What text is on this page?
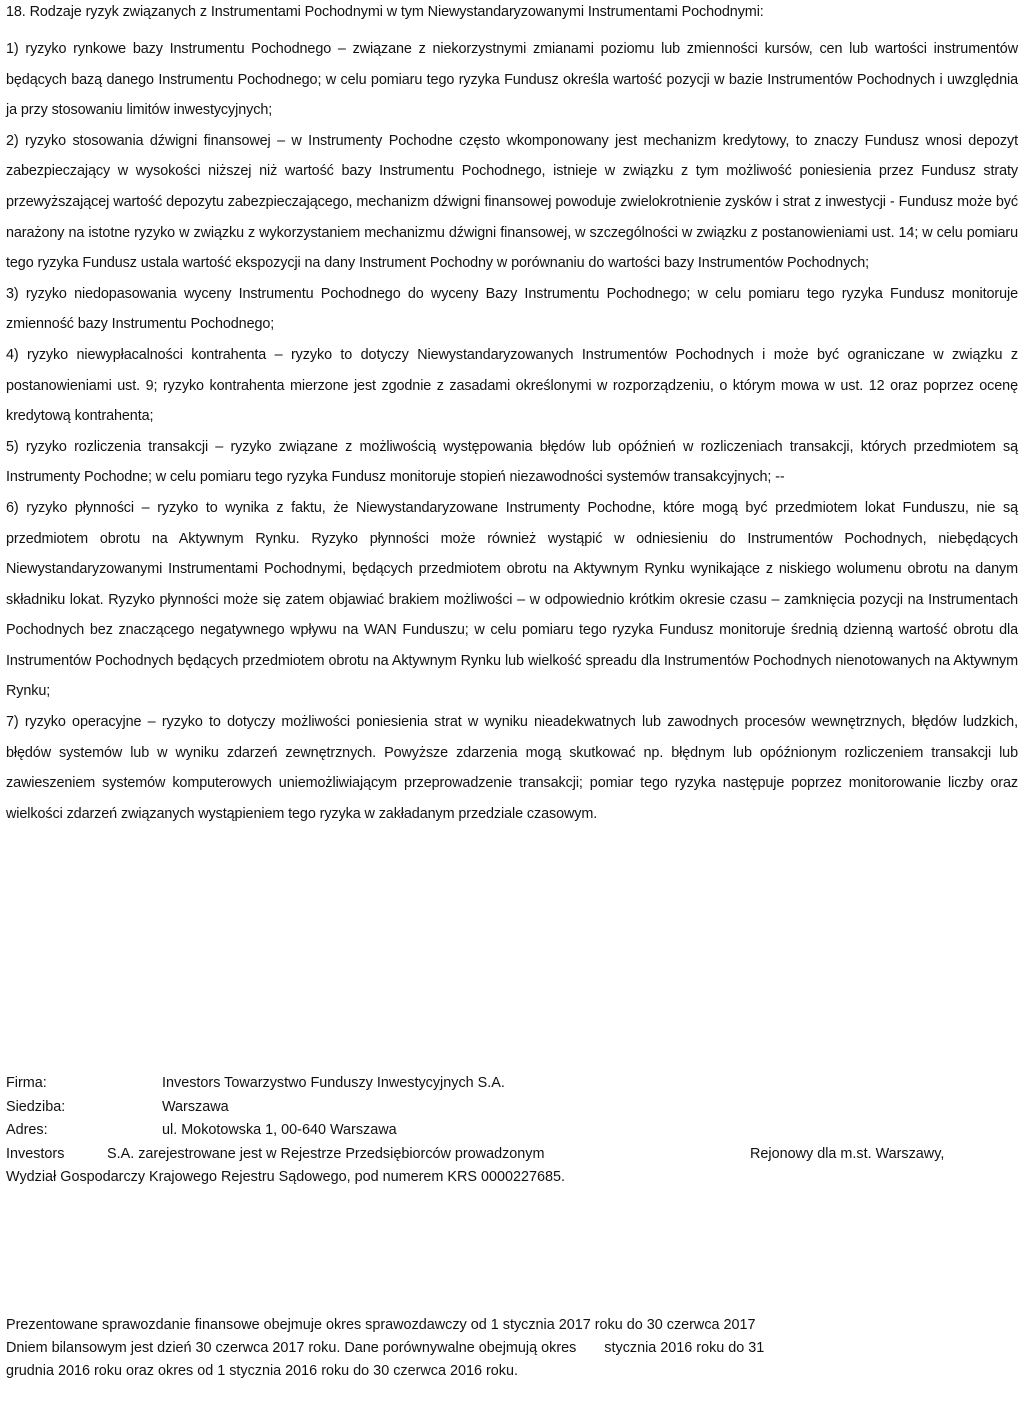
18. Rodzaje ryzyk związanych z Instrumentami Pochodnymi w tym Niewystandaryzowanymi Instrumentami Pochodnymi:

1) ryzyko rynkowe bazy Instrumentu Pochodnego – związane z niekorzystnymi zmianami poziomu lub zmienności kursów, cen lub wartości instrumentów będących bazą danego Instrumentu Pochodnego; w celu pomiaru tego ryzyka Fundusz określa wartość pozycji w bazie Instrumentów Pochodnych i uwzględnia ja przy stosowaniu limitów inwestycyjnych;

2) ryzyko stosowania dźwigni finansowej – w Instrumenty Pochodne często wkomponowany jest mechanizm kredytowy, to znaczy Fundusz wnosi depozyt zabezpieczający w wysokości niższej niż wartość bazy Instrumentu Pochodnego, istnieje w związku z tym możliwość poniesienia przez Fundusz straty przewyższającej wartość depozytu zabezpieczającego, mechanizm dźwigni finansowej powoduje zwielokrotnienie zysków i strat z inwestycji - Fundusz może być narażony na istotne ryzyko w związku z wykorzystaniem mechanizmu dźwigni finansowej, w szczególności w związku z postanowieniami ust. 14; w celu pomiaru tego ryzyka Fundusz ustala wartość ekspozycji na dany Instrument Pochodny w porównaniu do wartości bazy Instrumentów Pochodnych;

3) ryzyko niedopasowania wyceny Instrumentu Pochodnego do wyceny Bazy Instrumentu Pochodnego; w celu pomiaru tego ryzyka Fundusz monitoruje zmienność bazy Instrumentu Pochodnego;

4) ryzyko niewypłacalności kontrahenta – ryzyko to dotyczy Niewystandaryzowanych Instrumentów Pochodnych i może być ograniczane w związku z postanowieniami ust. 9; ryzyko kontrahenta mierzone jest zgodnie z zasadami określonymi w rozporządzeniu, o którym mowa w ust. 12 oraz poprzez ocenę kredytową kontrahenta;

5) ryzyko rozliczenia transakcji – ryzyko związane z możliwością występowania błędów lub opóźnień w rozliczeniach transakcji, których przedmiotem są Instrumenty Pochodne; w celu pomiaru tego ryzyka Fundusz monitoruje stopień niezawodności systemów transakcyjnych; --

6) ryzyko płynności – ryzyko to wynika z faktu, że Niewystandaryzowane Instrumenty Pochodne, które mogą być przedmiotem lokat Funduszu, nie są przedmiotem obrotu na Aktywnym Rynku. Ryzyko płynności może również wystąpić w odniesieniu do Instrumentów Pochodnych, niebędących Niewystandaryzowanymi Instrumentami Pochodnymi, będących przedmiotem obrotu na Aktywnym Rynku wynikające z niskiego wolumenu obrotu na danym składniku lokat. Ryzyko płynności może się zatem objawiać brakiem możliwości – w odpowiednio krótkim okresie czasu – zamknięcia pozycji na Instrumentach Pochodnych bez znaczącego negatywnego wpływu na WAN Funduszu; w celu pomiaru tego ryzyka Fundusz monitoruje średnią dzienną wartość obrotu dla Instrumentów Pochodnych będących przedmiotem obrotu na Aktywnym Rynku lub wielkość spreadu dla Instrumentów Pochodnych nienotowanych na Aktywnym Rynku;

7) ryzyko operacyjne – ryzyko to dotyczy możliwości poniesienia strat w wyniku nieadekwatnych lub zawodnych procesów wewnętrznych, błędów ludzkich, błędów systemów lub w wyniku zdarzeń zewnętrznych. Powyższe zdarzenia mogą skutkować np. błędnym lub opóźnionym rozliczeniem transakcji lub zawieszeniem systemów komputerowych uniemożliwiającym przeprowadzenie transakcji; pomiar tego ryzyka następuje poprzez monitorowanie liczby oraz wielkości zdarzeń związanych wystąpieniem tego ryzyka w zakładanym przedziale czasowym.

Firma:	Investors Towarzystwo Funduszy Inwestycyjnych S.A.
Siedziba:	Warszawa
Adres:	ul. Mokotowska 1, 00-640 Warszawa
Investors	S.A. zarejestrowane jest w Rejestrze Przedsiębiorców prowadzonym	Rejonowy dla m.st. Warszawy,
Wydział Gospodarczy Krajowego Rejestru Sądowego, pod numerem KRS 0000227685.
Prezentowane sprawozdanie finansowe obejmuje okres sprawozdawczy od 1 stycznia 2017 roku do 30 czerwca 2017
Dniem bilansowym jest dzień 30 czerwca 2017 roku. Dane porównywalne obejmują okres       stycznia 2016 roku do 31
grudnia 2016 roku oraz okres od 1 stycznia 2016 roku do 30 czerwca 2016 roku.
